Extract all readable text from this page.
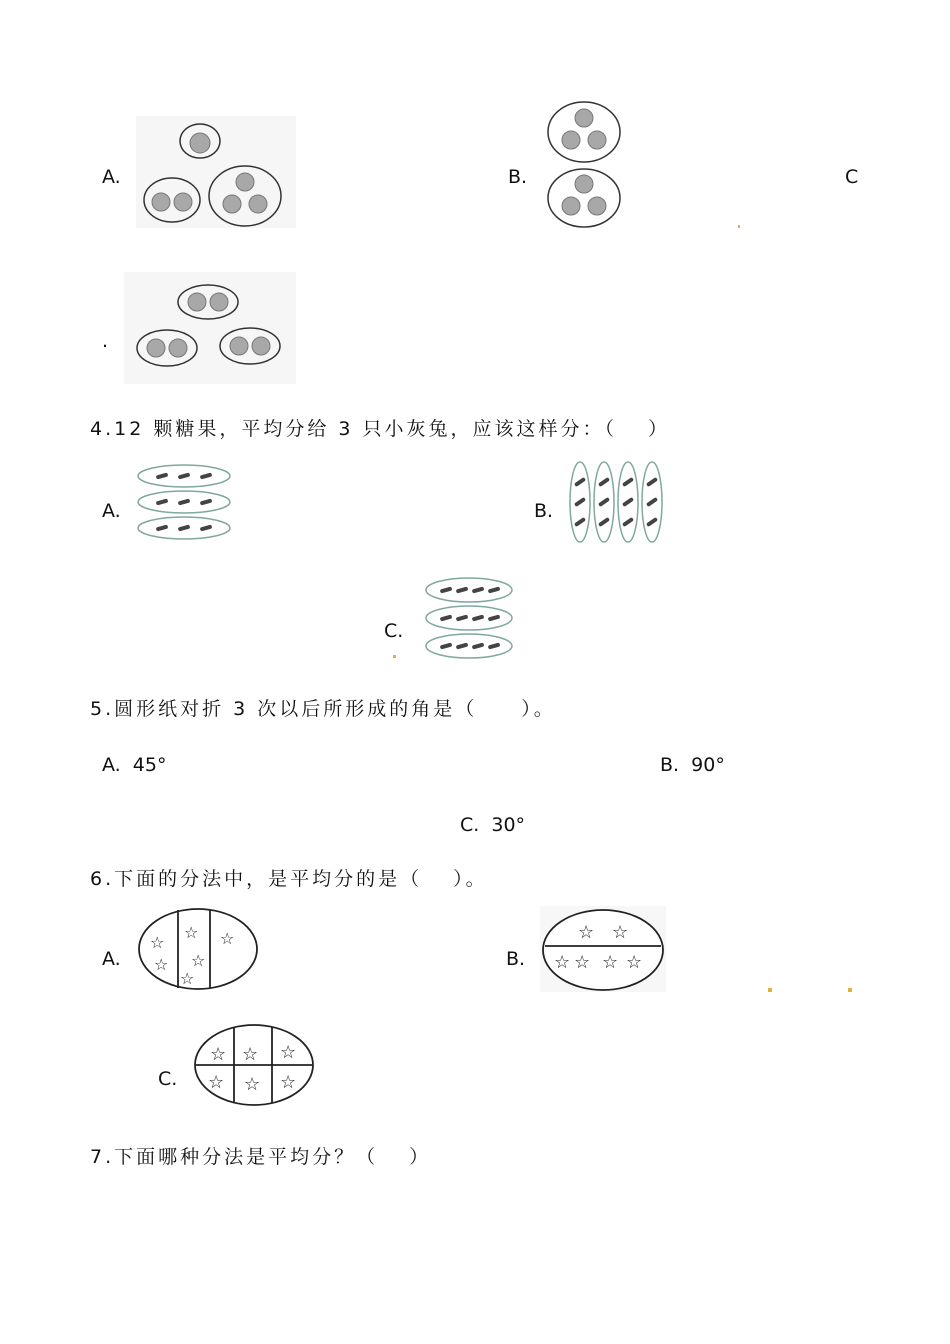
A.	B.	C
.
4.12 颗糖果，平均分给 3 只小灰兔，应该这样分：（　 ）
A.	B.
C.
5.圆形纸对折 3 次以后所形成的角是（　　）。
A.  45°	B.  90°
C.  30°
6.下面的分法中，是平均分的是（　 ）。
A.
☆
☆
☆
☆
☆
☆
B.
☆ ☆
☆ ☆ ☆ ☆
C.
☆ ☆ ☆
☆ ☆ ☆
7.下面哪种分法是平均分？（　 ）
